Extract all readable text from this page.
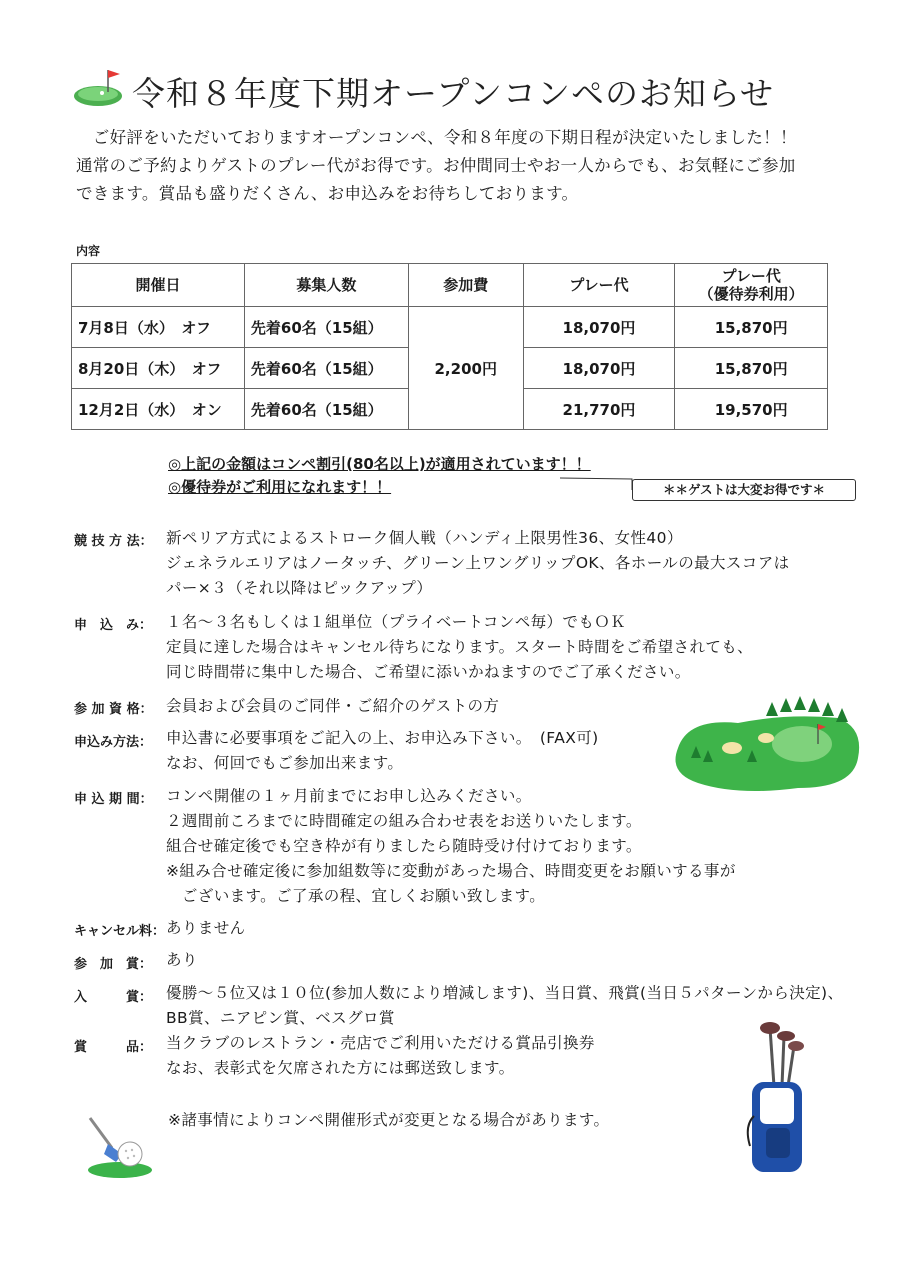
令和８年度下期オープンコンペのお知らせ
　ご好評をいただいておりますオープンコンペ、令和８年度の下期日程が決定いたしました！！
通常のご予約よりゲストのプレー代がお得です。お仲間同士やお一人からでも、お気軽にご参加
できます。賞品も盛りだくさん、お申込みをお待ちしております。
内容
開催日	募集人数	参加費	プレー代	プレー代
（優待券利用）
7月8日（水）　オフ	先着60名（15組）	2,200円	18,070円	15,870円
8月20日（木）　オフ	先着60名（15組）		18,070円	15,870円
12月2日（水）　オン	先着60名（15組）		21,770円	19,570円
◎上記の金額はコンペ割引(80名以上)が適用されています！！
◎優待券がご利用になれます！！	＊＊ゲストは大変お得です＊
競 技 方 法： 新ペリア方式によるストローク個人戦（ハンディ上限男性36、女性40）
ジェネラルエリアはノータッチ、グリーン上ワングリップOK、各ホールの最大スコアは
パー×３（それ以降はピックアップ）
申　込　み： １名～３名もしくは１組単位（プライベートコンペ毎）でもＯＫ
定員に達した場合はキャンセル待ちになります。スタート時間をご希望されても、
同じ時間帯に集中した場合、ご希望に添いかねますのでご了承ください。
参 加 資 格： 会員および会員のご同伴・ご紹介のゲストの方
申込み方法： 申込書に必要事項をご記入の上、お申込み下さい。　(FAX可)
なお、何回でもご参加出来ます。
申 込 期 間： コンペ開催の１ヶ月前までにお申し込みください。
２週間前ころまでに時間確定の組み合わせ表をお送りいたします。
組合せ確定後でも空き枠が有りましたら随時受け付けております。
※組み合せ確定後に参加組数等に変動があった場合、時間変更をお願いする事が
　ございます。ご了承の程、宜しくお願い致します。
キャンセル料： ありません
参　加　賞： あり
入　　　賞： 優勝～５位又は１０位(参加人数により増減します)、当日賞、飛賞(当日５パターンから決定)、
BB賞、ニアピン賞、ベスグロ賞
賞　　　品： 当クラブのレストラン・売店でご利用いただける賞品引換券
なお、表彰式を欠席された方には郵送致します。
※諸事情によりコンペ開催形式が変更となる場合があります。
